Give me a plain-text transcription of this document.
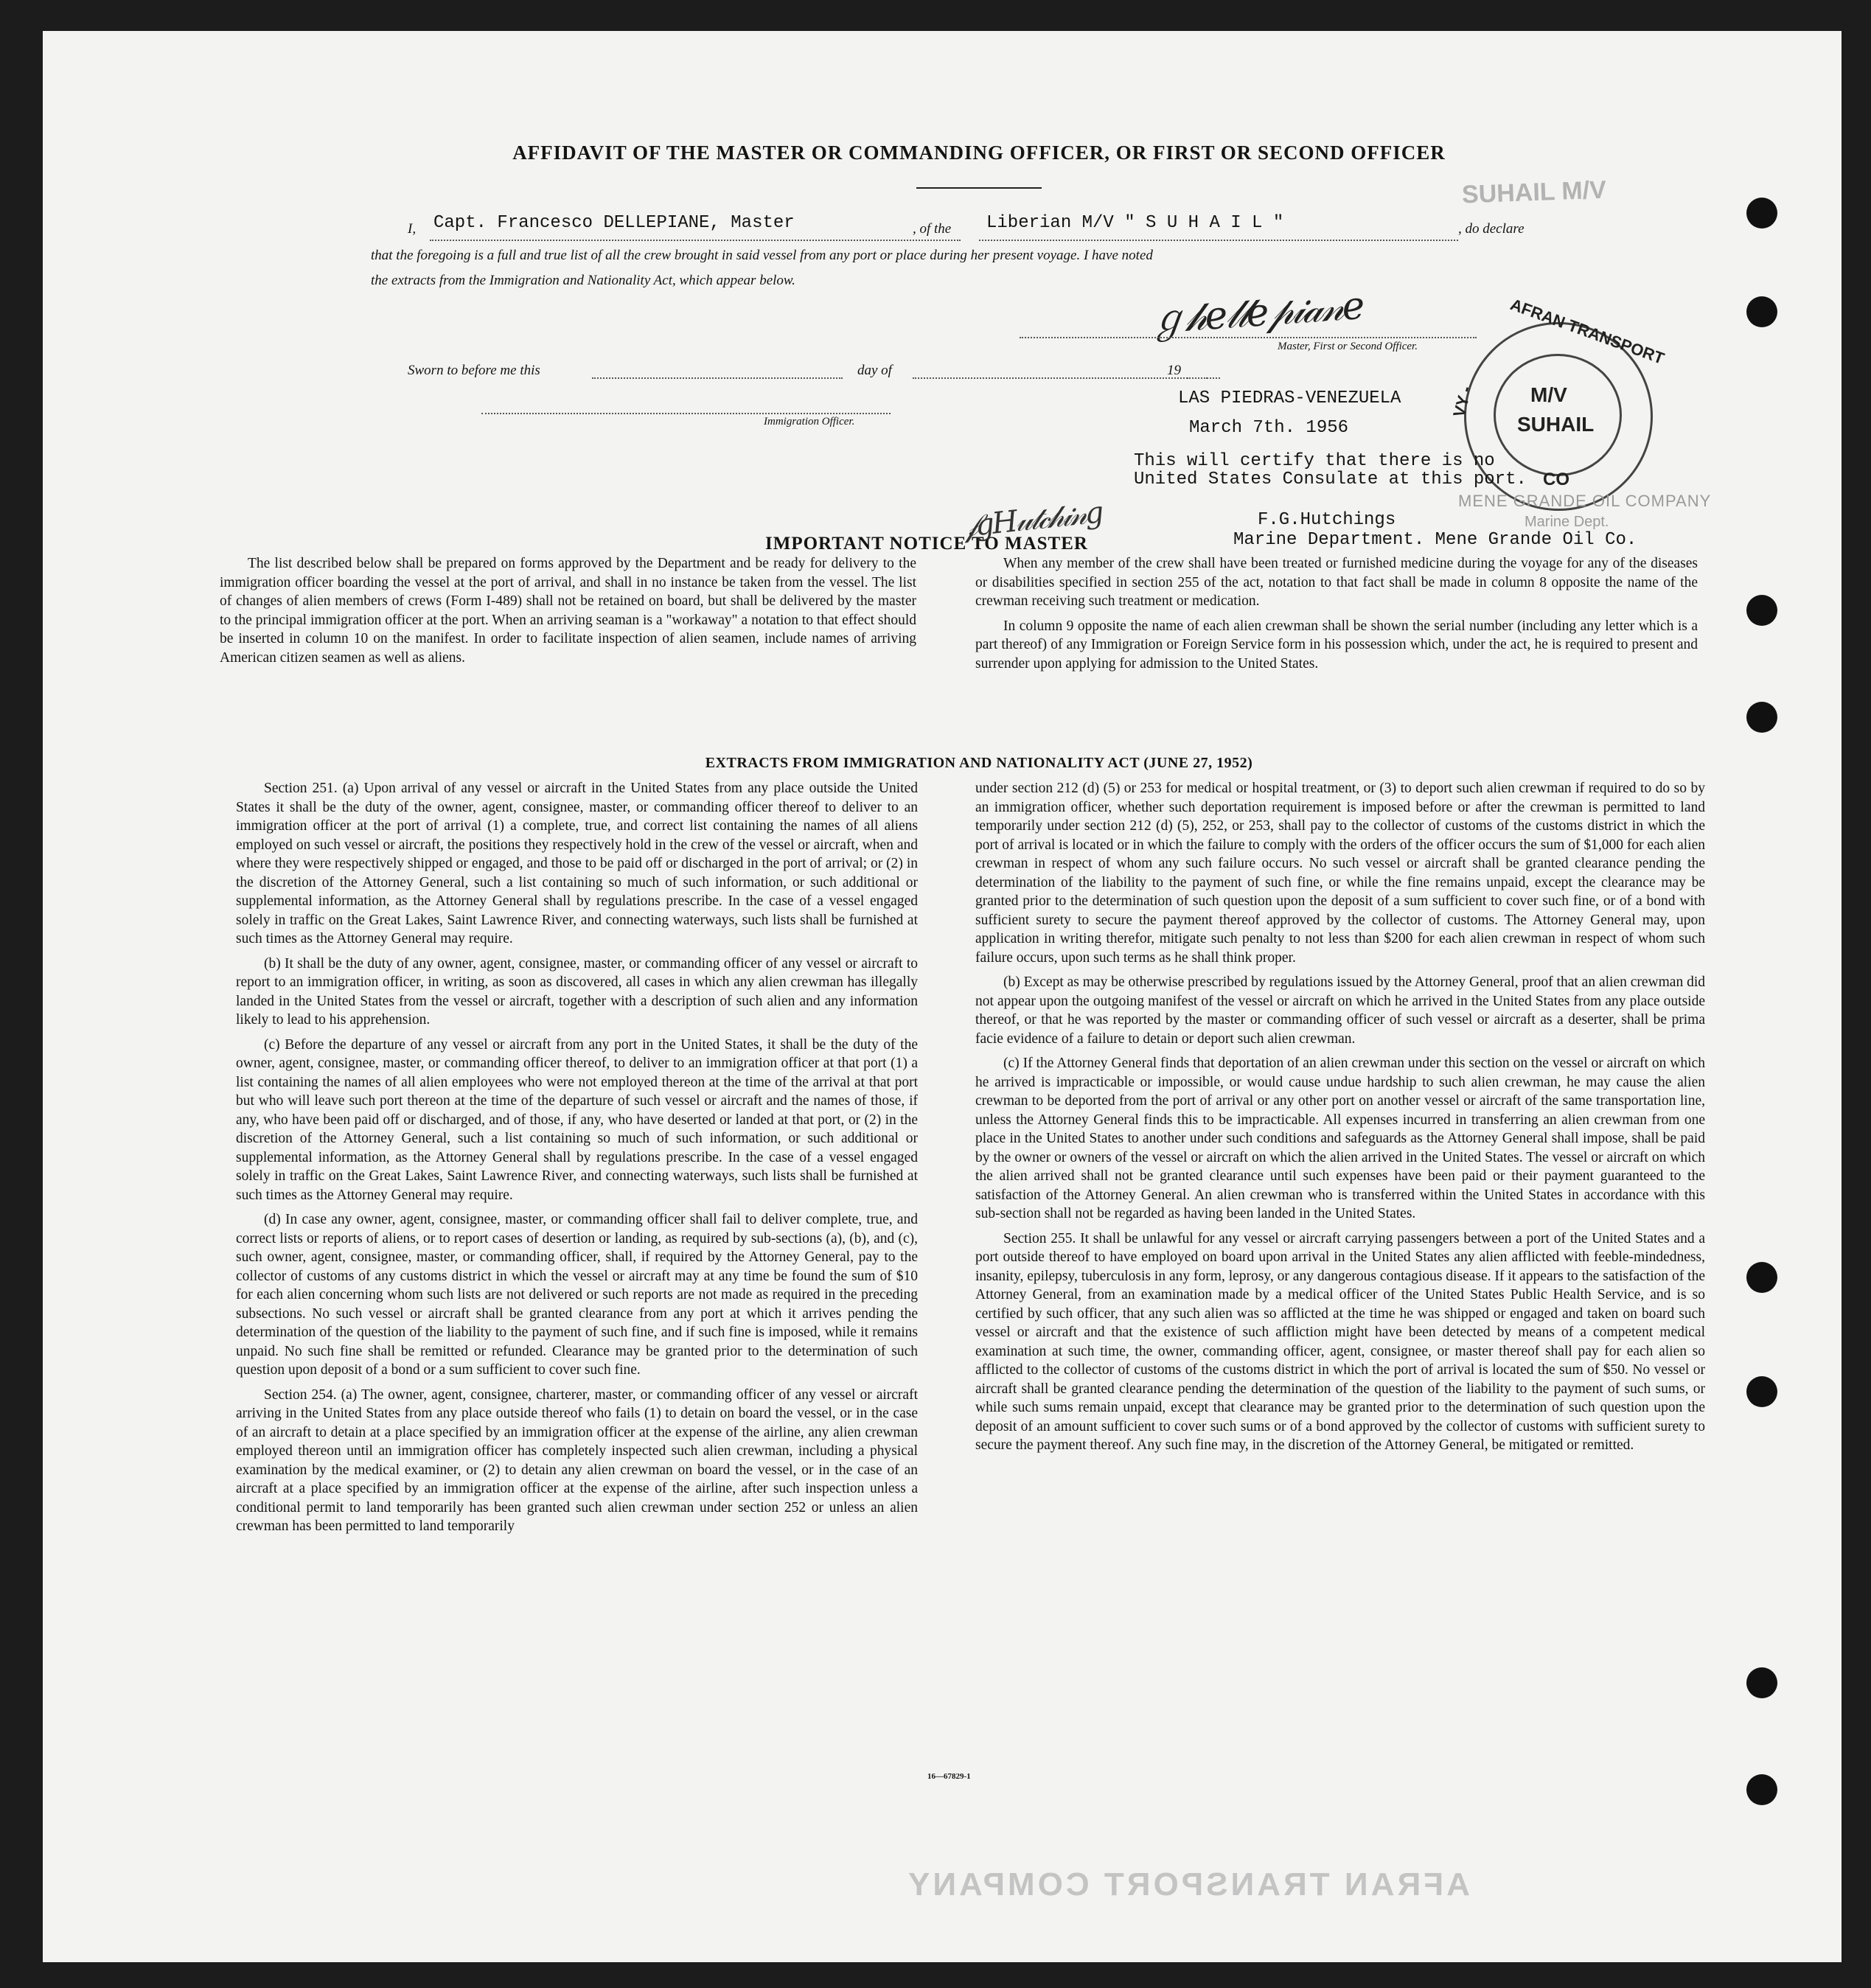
SUHAIL M/V
AFFIDAVIT OF THE MASTER OR COMMANDING OFFICER, OR FIRST OR SECOND OFFICER
I, Capt. Francesco DELLEPIANE, Master	, of the Liberian M/V " S U H A I L "	, do declare
that the foregoing is a full and true list of all the crew brought in said vessel from any port or place during her present voyage. I have noted
the extracts from the Immigration and Nationality Act, which appear below.
ℊ𝒽𝑒𝓁𝓁𝑒𝓅𝒾𝒶𝓃𝑒
Master, First or Second Officer.
Sworn to before me this	day of	19
Immigration Officer.
LAS PIEDRAS-VENEZUELA
March 7th. 1956
AFRAN TRANSPORT
VY -
CO
M/V
SUHAIL
This will certify that there is no
United States Consulate at this port.
MENE GRANDE OIL COMPANY
Marine Dept.
IMPORTANT NOTICE TO MASTER
𝒻𝑔𝐻𝓊𝓉𝒸𝒽𝒾𝓃𝑔	F.G.Hutchings
Marine Department. Mene Grande Oil Co.

The list described below shall be prepared on forms approved by the Department and be ready for delivery to the immigration officer boarding the vessel at the port of arrival, and shall in no instance be taken from the vessel. The list of changes of alien members of crews (Form I-489) shall not be retained on board, but shall be delivered by the master to the principal immigration officer at the port. When an arriving seaman is a "workaway" a notation to that effect should be inserted in column 10 on the manifest. In order to facilitate inspection of alien seamen, include names of arriving American citizen seamen as well as aliens.

When any member of the crew shall have been treated or furnished medicine during the voyage for any of the diseases or disabilities specified in section 255 of the act, notation to that fact shall be made in column 8 opposite the name of the crewman receiving such treatment or medication.

In column 9 opposite the name of each alien crewman shall be shown the serial number (including any letter which is a part thereof) of any Immigration or Foreign Service form in his possession which, under the act, he is required to present and surrender upon applying for admission to the United States.

EXTRACTS FROM IMMIGRATION AND NATIONALITY ACT (JUNE 27, 1952)

Section 251. (a) Upon arrival of any vessel or aircraft in the United States from any place outside the United States it shall be the duty of the owner, agent, consignee, master, or commanding officer thereof to deliver to an immigration officer at the port of arrival (1) a complete, true, and correct list containing the names of all aliens employed on such vessel or aircraft, the positions they respectively hold in the crew of the vessel or aircraft, when and where they were respectively shipped or engaged, and those to be paid off or discharged in the port of arrival; or (2) in the discretion of the Attorney General, such a list containing so much of such information, or such additional or supplemental information, as the Attorney General shall by regulations prescribe. In the case of a vessel engaged solely in traffic on the Great Lakes, Saint Lawrence River, and connecting waterways, such lists shall be furnished at such times as the Attorney General may require.

(b) It shall be the duty of any owner, agent, consignee, master, or commanding officer of any vessel or aircraft to report to an immigration officer, in writing, as soon as discovered, all cases in which any alien crewman has illegally landed in the United States from the vessel or aircraft, together with a description of such alien and any information likely to lead to his apprehension.

(c) Before the departure of any vessel or aircraft from any port in the United States, it shall be the duty of the owner, agent, consignee, master, or commanding officer thereof, to deliver to an immigration officer at that port (1) a list containing the names of all alien employees who were not employed thereon at the time of the arrival at that port but who will leave such port thereon at the time of the departure of such vessel or aircraft and the names of those, if any, who have been paid off or discharged, and of those, if any, who have deserted or landed at that port, or (2) in the discretion of the Attorney General, such a list containing so much of such information, or such additional or supplemental information, as the Attorney General shall by regulations prescribe. In the case of a vessel engaged solely in traffic on the Great Lakes, Saint Lawrence River, and connecting waterways, such lists shall be furnished at such times as the Attorney General may require.

(d) In case any owner, agent, consignee, master, or commanding officer shall fail to deliver complete, true, and correct lists or reports of aliens, or to report cases of desertion or landing, as required by sub-sections (a), (b), and (c), such owner, agent, consignee, master, or commanding officer, shall, if required by the Attorney General, pay to the collector of customs of any customs district in which the vessel or aircraft may at any time be found the sum of $10 for each alien concerning whom such lists are not delivered or such reports are not made as required in the preceding subsections. No such vessel or aircraft shall be granted clearance from any port at which it arrives pending the determination of the question of the liability to the payment of such fine, and if such fine is imposed, while it remains unpaid. No such fine shall be remitted or refunded. Clearance may be granted prior to the determination of such question upon deposit of a bond or a sum sufficient to cover such fine.

Section 254. (a) The owner, agent, consignee, charterer, master, or commanding officer of any vessel or aircraft arriving in the United States from any place outside thereof who fails (1) to detain on board the vessel, or in the case of an aircraft to detain at a place specified by an immigration officer at the expense of the airline, any alien crewman employed thereon until an immigration officer has completely inspected such alien crewman, including a physical examination by the medical examiner, or (2) to detain any alien crewman on board the vessel, or in the case of an aircraft at a place specified by an immigration officer at the expense of the airline, after such inspection unless a conditional permit to land temporarily has been granted such alien crewman under section 252 or unless an alien crewman has been permitted to land temporarily

under section 212 (d) (5) or 253 for medical or hospital treatment, or (3) to deport such alien crewman if required to do so by an immigration officer, whether such deportation requirement is imposed before or after the crewman is permitted to land temporarily under section 212 (d) (5), 252, or 253, shall pay to the collector of customs of the customs district in which the port of arrival is located or in which the failure to comply with the orders of the officer occurs the sum of $1,000 for each alien crewman in respect of whom any such failure occurs. No such vessel or aircraft shall be granted clearance pending the determination of the liability to the payment of such fine, or while the fine remains unpaid, except the clearance may be granted prior to the determination of such question upon the deposit of a sum sufficient to cover such fine, or of a bond with sufficient surety to secure the payment thereof approved by the collector of customs. The Attorney General may, upon application in writing therefor, mitigate such penalty to not less than $200 for each alien crewman in respect of whom such failure occurs, upon such terms as he shall think proper.

(b) Except as may be otherwise prescribed by regulations issued by the Attorney General, proof that an alien crewman did not appear upon the outgoing manifest of the vessel or aircraft on which he arrived in the United States from any place outside thereof, or that he was reported by the master or commanding officer of such vessel or aircraft as a deserter, shall be prima facie evidence of a failure to detain or deport such alien crewman.

(c) If the Attorney General finds that deportation of an alien crewman under this section on the vessel or aircraft on which he arrived is impracticable or impossible, or would cause undue hardship to such alien crewman, he may cause the alien crewman to be deported from the port of arrival or any other port on another vessel or aircraft of the same transportation line, unless the Attorney General finds this to be impracticable. All expenses incurred in transferring an alien crewman from one place in the United States to another under such conditions and safeguards as the Attorney General shall impose, shall be paid by the owner or owners of the vessel or aircraft on which the alien arrived in the United States. The vessel or aircraft on which the alien arrived shall not be granted clearance until such expenses have been paid or their payment guaranteed to the satisfaction of the Attorney General. An alien crewman who is transferred within the United States in accordance with this sub-section shall not be regarded as having been landed in the United States.

Section 255. It shall be unlawful for any vessel or aircraft carrying passengers between a port of the United States and a port outside thereof to have employed on board upon arrival in the United States any alien afflicted with feeble-mindedness, insanity, epilepsy, tuberculosis in any form, leprosy, or any dangerous contagious disease. If it appears to the satisfaction of the Attorney General, from an examination made by a medical officer of the United States Public Health Service, and is so certified by such officer, that any such alien was so afflicted at the time he was shipped or engaged and taken on board such vessel or aircraft and that the existence of such affliction might have been detected by means of a competent medical examination at such time, the owner, commanding officer, agent, consignee, or master thereof shall pay for each alien so afflicted to the collector of customs of the customs district in which the port of arrival is located the sum of $50. No vessel or aircraft shall be granted clearance pending the determination of the question of the liability to the payment of such sums, or while such sums remain unpaid, except that clearance may be granted prior to the determination of such question upon the deposit of an amount sufficient to cover such sums or of a bond approved by the collector of customs with sufficient surety to secure the payment thereof. Any such fine may, in the discretion of the Attorney General, be mitigated or remitted.

16—67829-1
AFRAN TRANSPORT COMPANY
